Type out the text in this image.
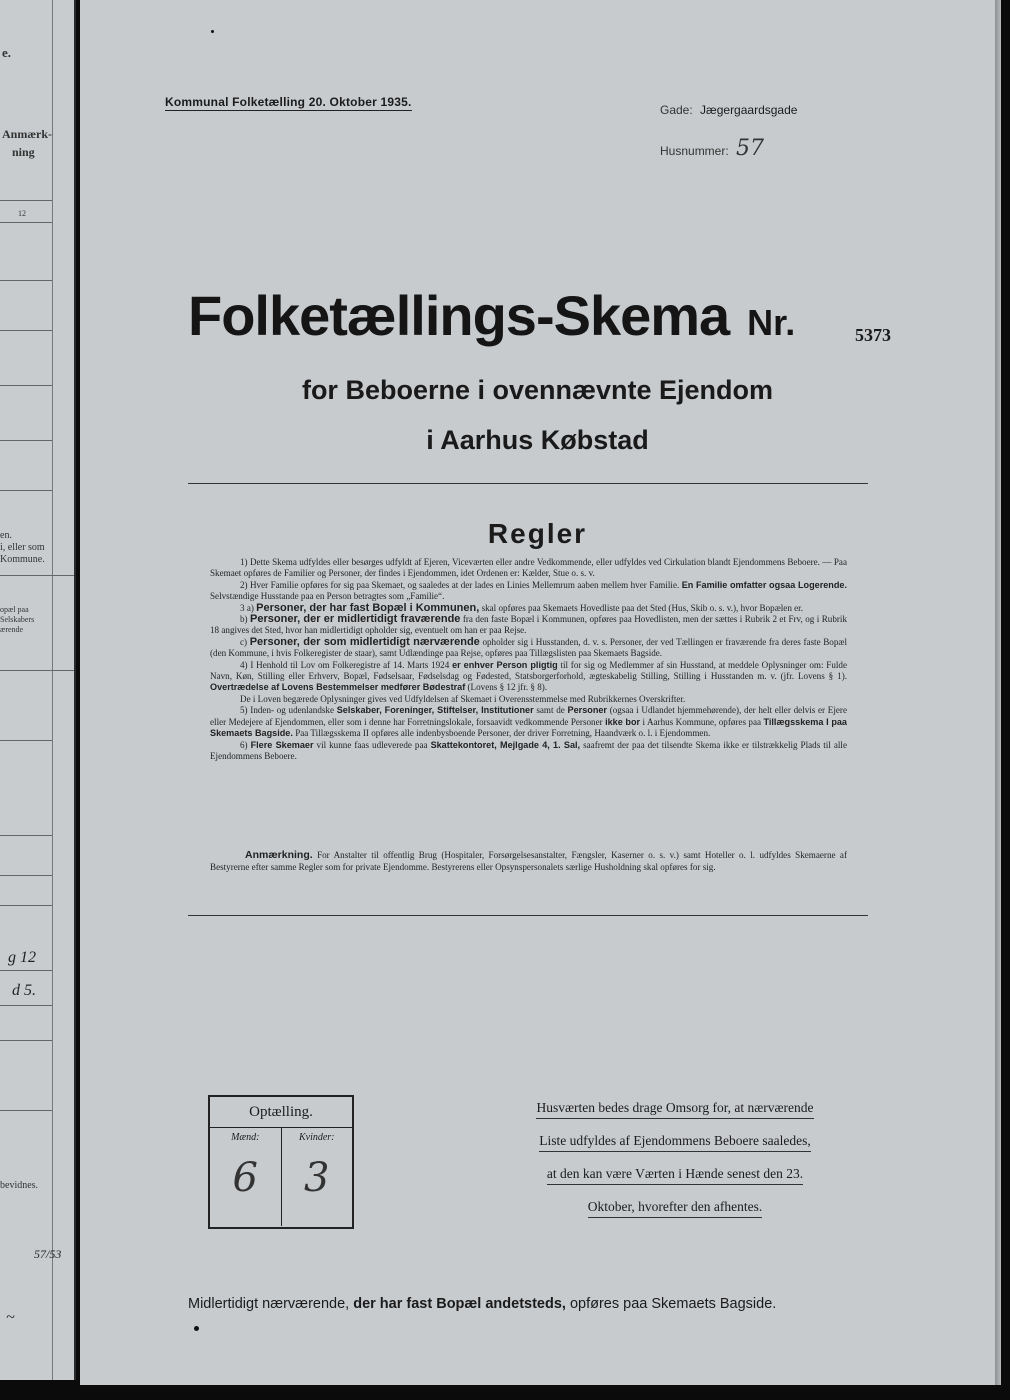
e.
Anmærk-
ning
12
en.
i, eller som
Kommune.
opæl paa
Selskabers
ærende
g 12
d 5.
bevidnes.
57/53
~
Kommunal Folketælling 20. Oktober 1935.
Gade: Jægergaardsgade
Husnummer: 57
Folketællings-Skema Nr.	5373
for Beboerne i ovennævnte Ejendom
i Aarhus Købstad
Regler

1) Dette Skema udfyldes eller besørges udfyldt af Ejeren, Viceværten eller andre Vedkommende, eller udfyldes ved Cirkulation blandt Ejendommens Beboere. — Paa Skemaet opføres de Familier og Personer, der findes i Ejendommen, idet Ordenen er: Kælder, Stue o. s. v.

2) Hver Familie opføres for sig paa Skemaet, og saaledes at der lades en Linies Mellemrum aaben mellem hver Familie. En Familie omfatter ogsaa Logerende. Selvstændige Husstande paa en Person betragtes som „Familie“.

3 a) Personer, der har fast Bopæl i Kommunen, skal opføres paa Skemaets Hovedliste paa det Sted (Hus, Skib o. s. v.), hvor Bopælen er.

b) Personer, der er midlertidigt fraværende fra den faste Bopæl i Kommunen, opføres paa Hovedlisten, men der sættes i Rubrik 2 et Frv, og i Rubrik 18 angives det Sted, hvor han midlertidigt opholder sig, eventuelt om han er paa Rejse.

c) Personer, der som midlertidigt nærværende opholder sig i Husstanden, d. v. s. Personer, der ved Tællingen er fraværende fra deres faste Bopæl (den Kommune, i hvis Folkeregister de staar), samt Udlændinge paa Rejse, opføres paa Tillægslisten paa Skemaets Bagside.

4) I Henhold til Lov om Folkeregistre af 14. Marts 1924 er enhver Person pligtig til for sig og Medlemmer af sin Husstand, at meddele Oplysninger om: Fulde Navn, Køn, Stilling eller Erhverv, Bopæl, Fødselsaar, Fødselsdag og Fødested, Statsborgerforhold, ægteskabelig Stilling, Stilling i Husstanden m. v. (jfr. Lovens § 1). Overtrædelse af Lovens Bestemmelser medfører Bødestraf (Lovens § 12 jfr. § 8).

De i Loven begærede Oplysninger gives ved Udfyldelsen af Skemaet i Overensstemmelse med Rubrikkernes Overskrifter.

5) Inden- og udenlandske Selskaber, Foreninger, Stiftelser, Institutioner samt de Personer (ogsaa i Udlandet hjemmehørende), der helt eller delvis er Ejere eller Medejere af Ejendommen, eller som i denne har Forretningslokale, forsaavidt vedkommende Personer ikke bor i Aarhus Kommune, opføres paa Tillægsskema I paa Skemaets Bagside. Paa Tillægsskema II opføres alle indenbysboende Personer, der driver Forretning, Haandværk o. l. i Ejendommen.

6) Flere Skemaer vil kunne faas udleverede paa Skattekontoret, Mejlgade 4, 1. Sal, saafremt der paa det tilsendte Skema ikke er tilstrækkelig Plads til alle Ejendommens Beboere.

Anmærkning. For Anstalter til offentlig Brug (Hospitaler, Forsørgelsesanstalter, Fængsler, Kaserner o. s. v.) samt Hoteller o. l. udfyldes Skemaerne af Bestyrerne efter samme Regler som for private Ejendomme. Bestyrerens eller Opsynspersonalets særlige Husholdning skal opføres for sig.

Optælling.
Mænd:
6
Kvinder:
3
Husværten bedes drage Omsorg for, at nærværende
Liste udfyldes af Ejendommens Beboere saaledes,
at den kan være Værten i Hænde senest den 23.
Oktober, hvorefter den afhentes.
Midlertidigt nærværende, der har fast Bopæl andetsteds, opføres paa Skemaets Bagside.
